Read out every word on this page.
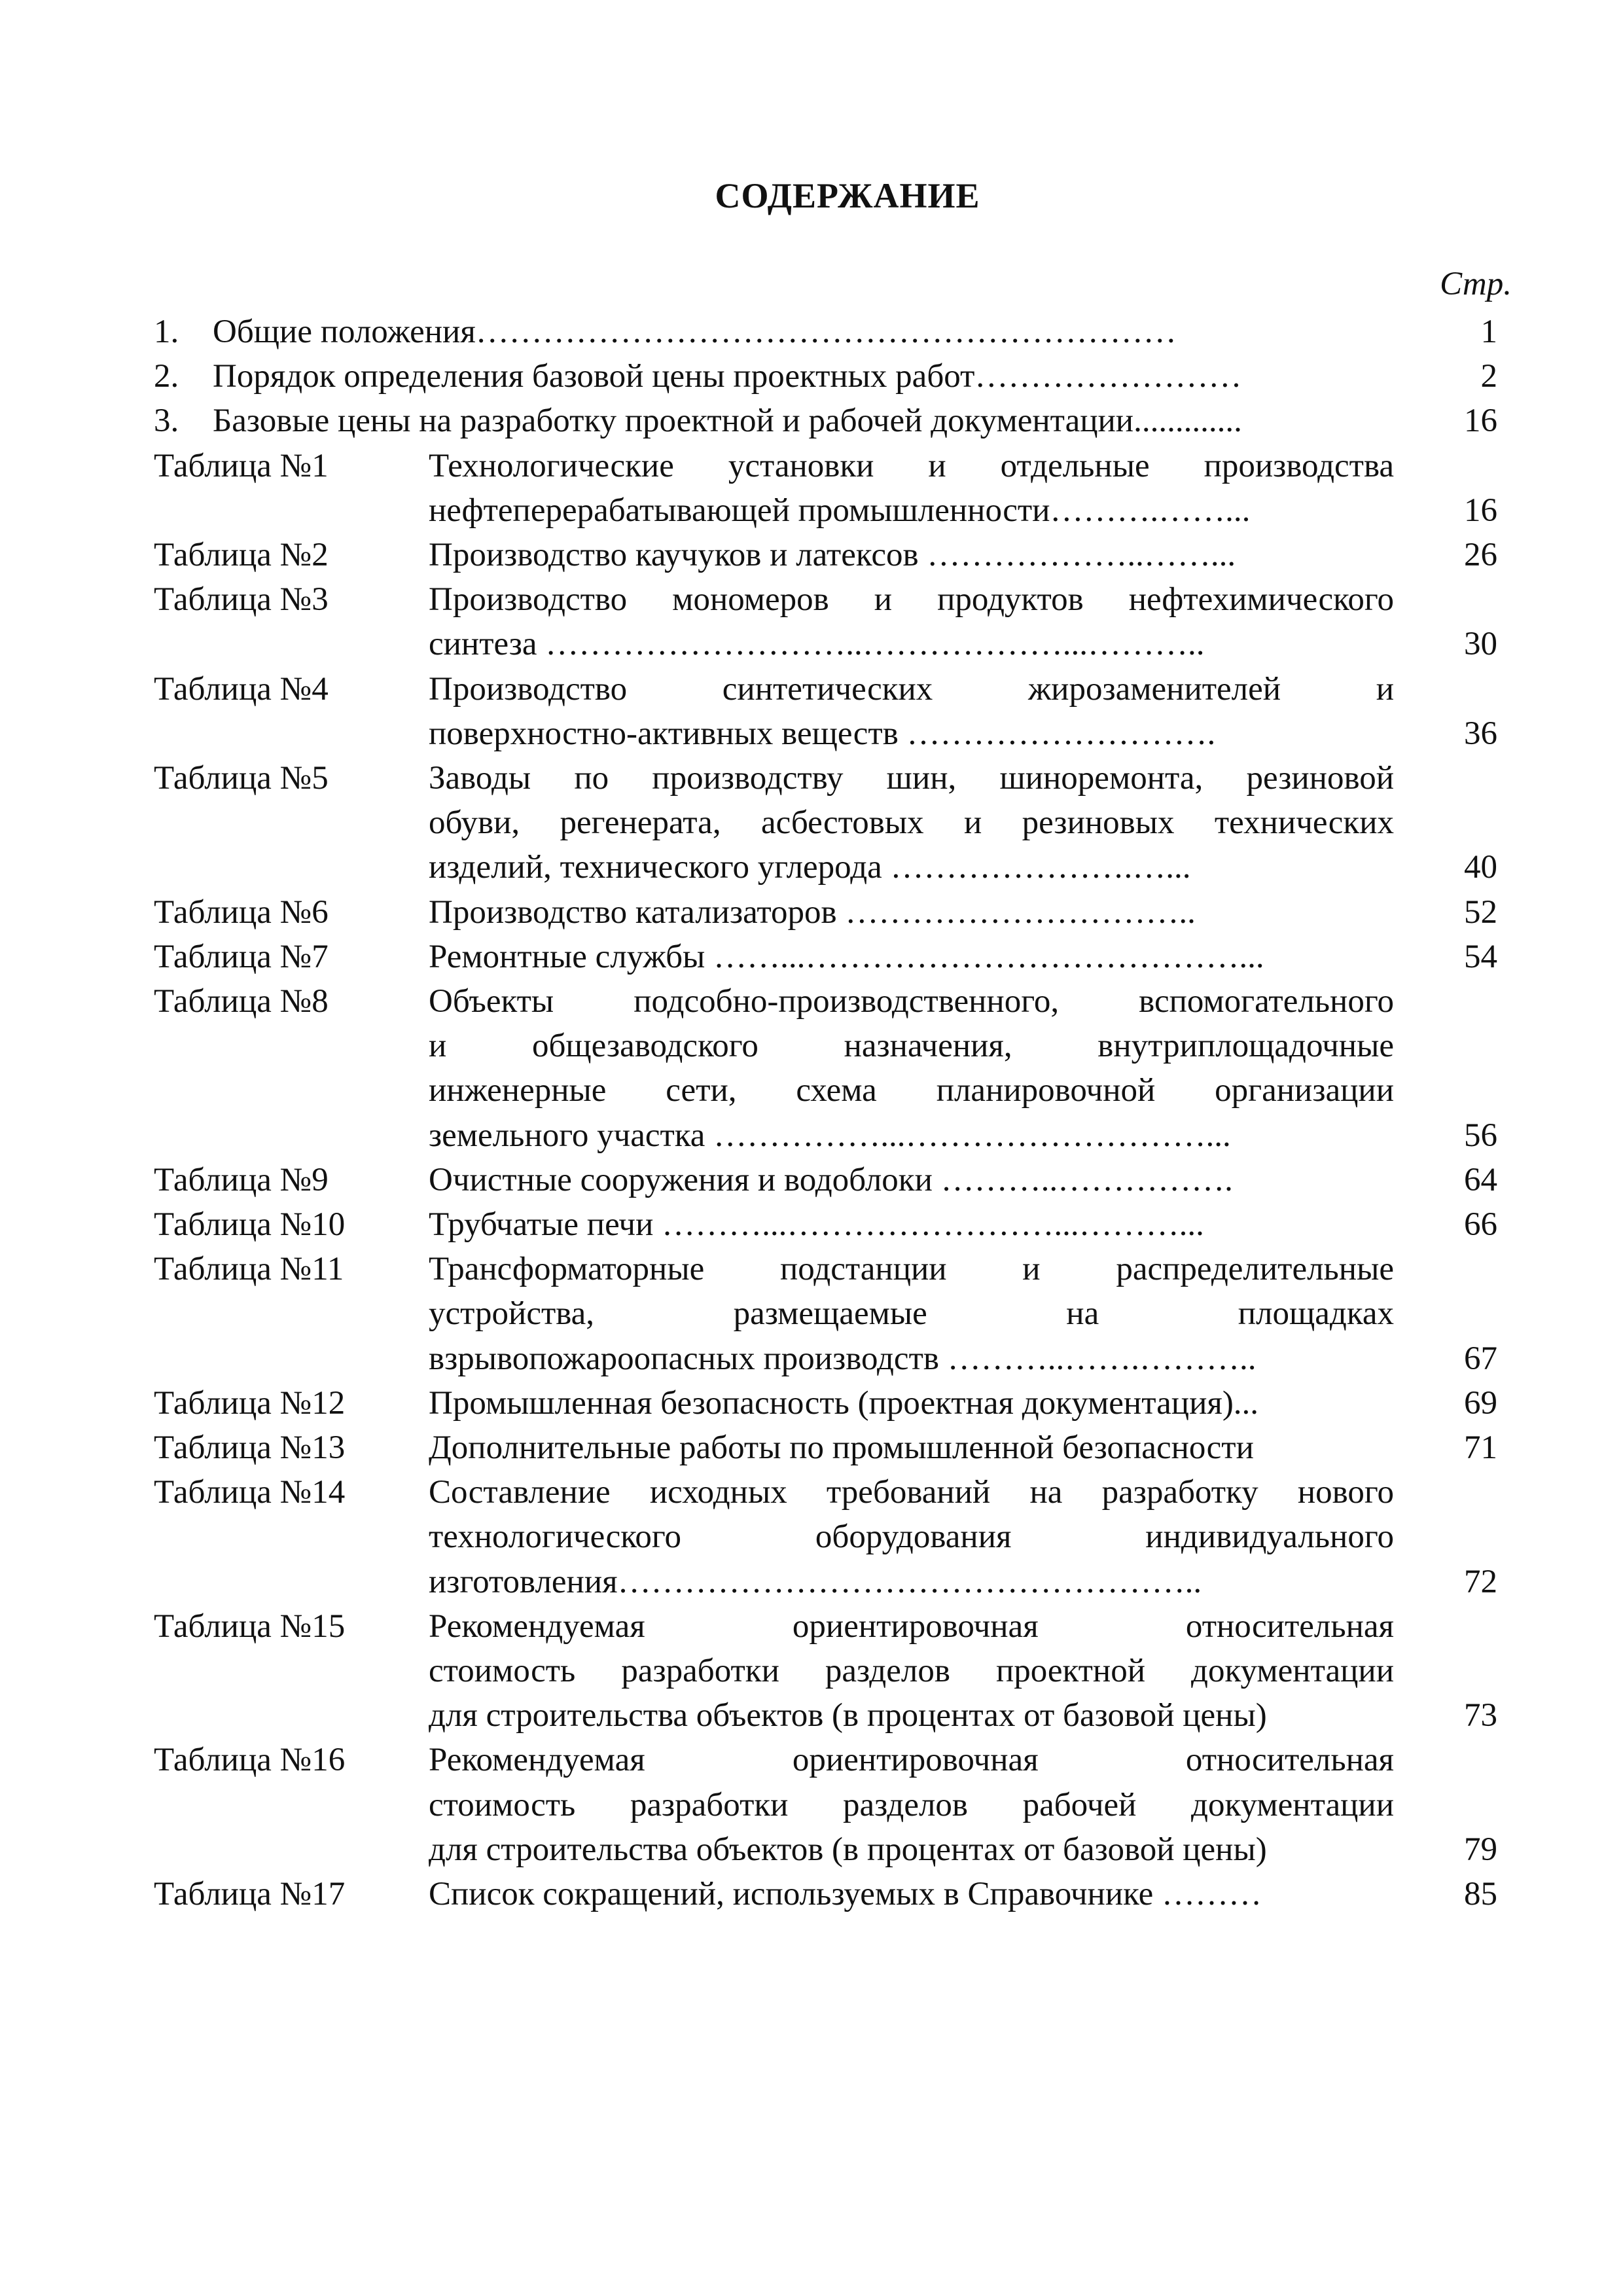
СОДЕРЖАНИЕ
Стр.
1. Общие положения………………………………………………………	1
2. Порядок определения базовой цены проектных работ……………………	2
3. Базовые цены на разработку проектной и рабочей документации.............	16
Таблица №1	Технологические установки и отдельные производства
нефтеперерабатывающей промышленности……….……...	16
Таблица №2	Производство каучуков и латексов ………………..……...	26
Таблица №3	Производство мономеров и продуктов нефтехимического
синтеза ………………………..………………...………..	30
Таблица №4	Производство синтетических жирозаменителей и
поверхностно-активных веществ ……………………….	36
Таблица №5	Заводы по производству шин, шиноремонта, резиновой
обуви, регенерата, асбестовых и резиновых технических
изделий, технического углерода ………………….…...	40
Таблица №6	Производство катализаторов …………………………..	52
Таблица №7	Ремонтные службы ……...…………………………………...	54
Таблица №8	Объекты подсобно-производственного, вспомогательного
и общезаводского назначения, внутриплощадочные
инженерные сети, схема планировочной организации
земельного участка ……………...………………………...	56
Таблица №9	Очистные сооружения и водоблоки ………..…………….	64
Таблица №10	Трубчатые печи ………...……………………...………...	66
Таблица №11	Трансформаторные подстанции и распределительные
устройства, размещаемые на площадках
взрывопожароопасных производств ………..…….………..	67
Таблица №12	Промышленная безопасность (проектная документация)...	69
Таблица №13	Дополнительные работы по промышленной безопасности	71
Таблица №14	Составление исходных требований на разработку нового
технологического оборудования индивидуального
изготовления……………………………………………..	72
Таблица №15	Рекомендуемая ориентировочная относительная
стоимость разработки разделов проектной документации
для строительства объектов (в процентах от базовой цены)	73
Таблица №16	Рекомендуемая ориентировочная относительная
стоимость разработки разделов рабочей документации
для строительства объектов (в процентах от базовой цены)	79
Таблица №17	Список сокращений, используемых в Справочнике ………	85
